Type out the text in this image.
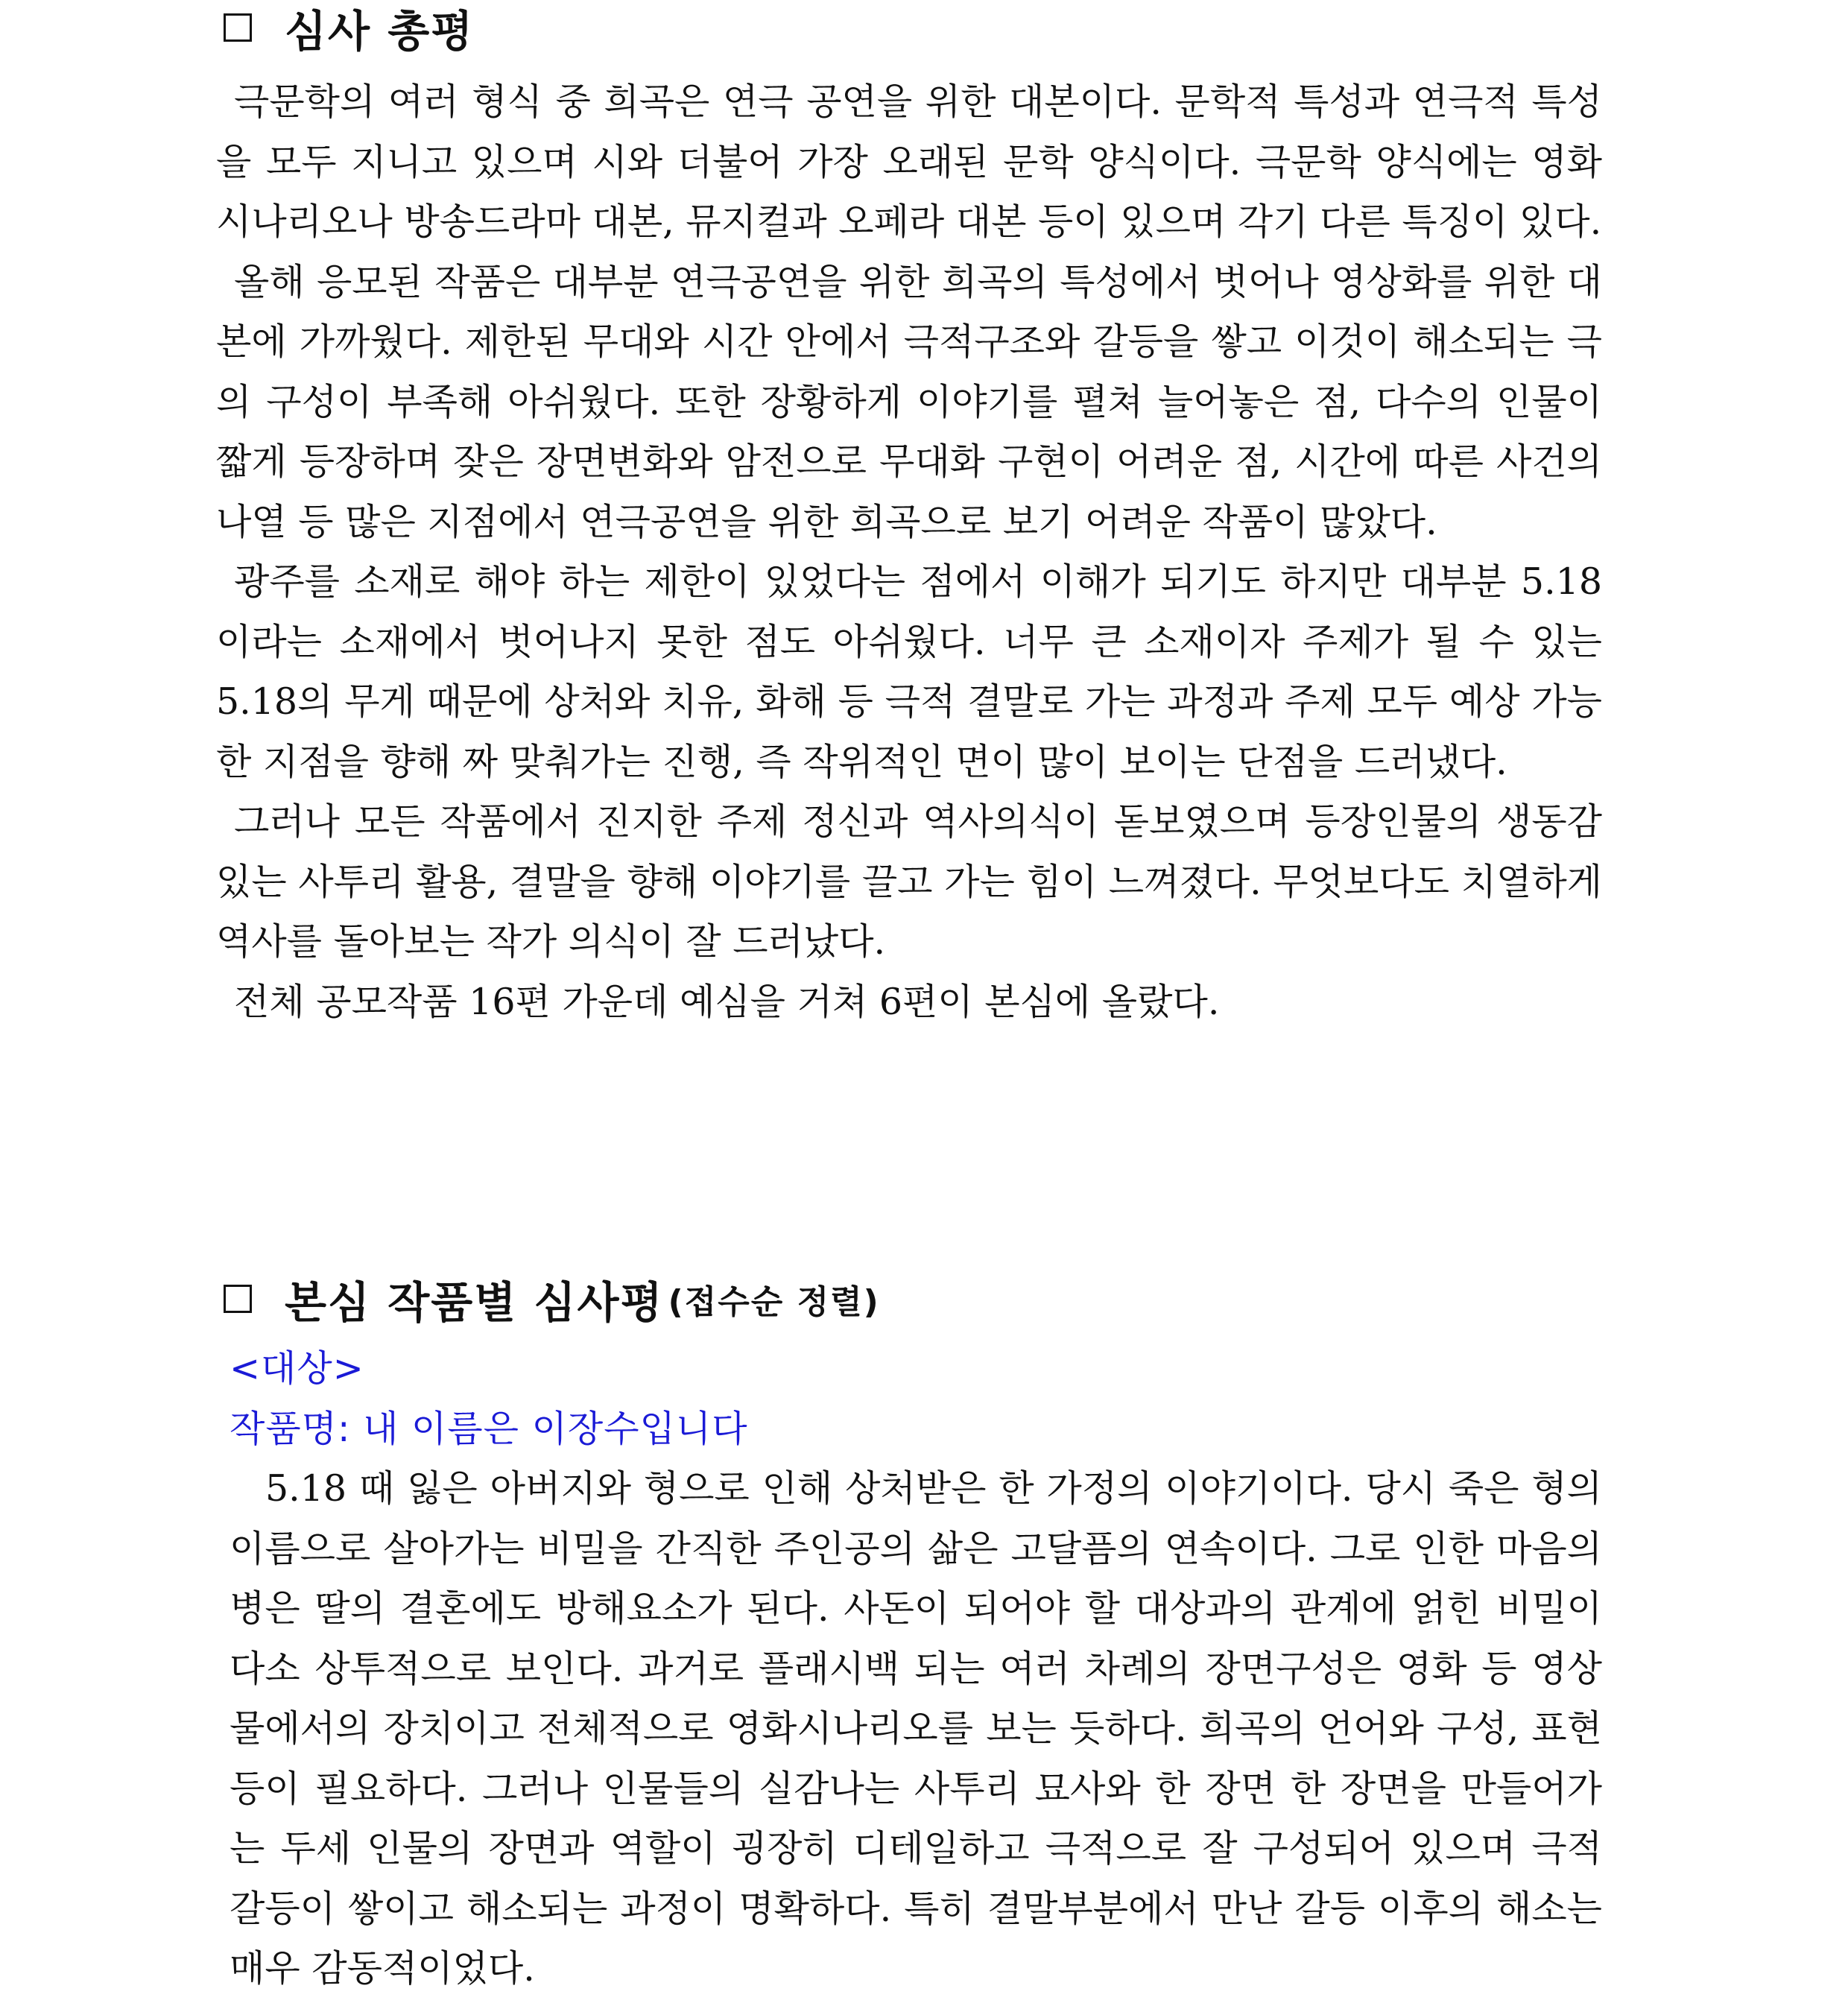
심사 총평

극문학의 여러 형식 중 희곡은 연극 공연을 위한 대본이다. 문학적 특성과 연극적 특성을 모두 지니고 있으며 시와 더불어 가장 오래된 문학 양식이다. 극문학 양식에는 영화 시나리오나 방송드라마 대본, 뮤지컬과 오페라 대본 등이 있으며 각기 다른 특징이 있다.

올해 응모된 작품은 대부분 연극공연을 위한 희곡의 특성에서 벗어나 영상화를 위한 대본에 가까웠다. 제한된 무대와 시간 안에서 극적구조와 갈등을 쌓고 이것이 해소되는 극의 구성이 부족해 아쉬웠다. 또한 장황하게 이야기를 펼쳐 늘어놓은 점, 다수의 인물이 짧게 등장하며 잦은 장면변화와 암전으로 무대화 구현이 어려운 점, 시간에 따른 사건의 나열 등 많은 지점에서 연극공연을 위한 희곡으로 보기 어려운 작품이 많았다.

광주를 소재로 해야 하는 제한이 있었다는 점에서 이해가 되기도 하지만 대부분 5.18이라는 소재에서 벗어나지 못한 점도 아쉬웠다. 너무 큰 소재이자 주제가 될 수 있는 5.18의 무게 때문에 상처와 치유, 화해 등 극적 결말로 가는 과정과 주제 모두 예상 가능한 지점을 향해 짜 맞춰가는 진행, 즉 작위적인 면이 많이 보이는 단점을 드러냈다.

그러나 모든 작품에서 진지한 주제 정신과 역사의식이 돋보였으며 등장인물의 생동감 있는 사투리 활용, 결말을 향해 이야기를 끌고 가는 힘이 느껴졌다. 무엇보다도 치열하게 역사를 돌아보는 작가 의식이 잘 드러났다.

전체 공모작품 16편 가운데 예심을 거쳐 6편이 본심에 올랐다.

본심 작품별 심사평 (접수순 정렬)

<대상>

작품명: 내 이름은 이장수입니다

5.18 때 잃은 아버지와 형으로 인해 상처받은 한 가정의 이야기이다. 당시 죽은 형의 이름으로 살아가는 비밀을 간직한 주인공의 삶은 고달픔의 연속이다. 그로 인한 마음의 병은 딸의 결혼에도 방해요소가 된다. 사돈이 되어야 할 대상과의 관계에 얽힌 비밀이 다소 상투적으로 보인다. 과거로 플래시백 되는 여러 차례의 장면구성은 영화 등 영상물에서의 장치이고 전체적으로 영화시나리오를 보는 듯하다. 희곡의 언어와 구성, 표현 등이 필요하다. 그러나 인물들의 실감나는 사투리 묘사와 한 장면 한 장면을 만들어가는 두세 인물의 장면과 역할이 굉장히 디테일하고 극적으로 잘 구성되어 있으며 극적 갈등이 쌓이고 해소되는 과정이 명확하다. 특히 결말부분에서 만난 갈등 이후의 해소는 매우 감동적이었다.
